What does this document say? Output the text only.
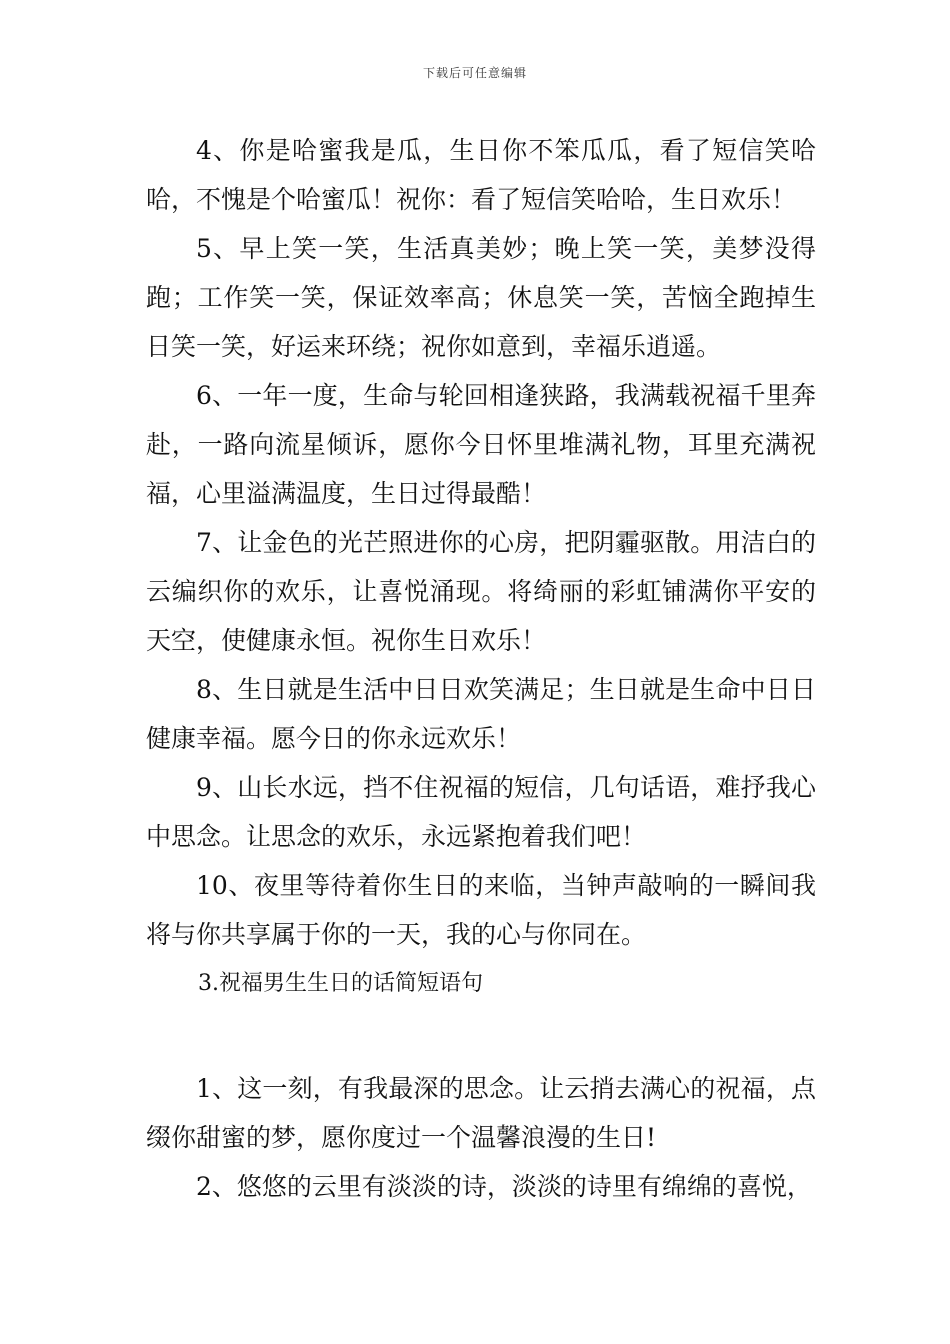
下载后可任意编辑

4、你是哈蜜我是瓜，生日你不笨瓜瓜，看了短信笑哈哈，不愧是个哈蜜瓜！祝你：看了短信笑哈哈，生日欢乐！

5、早上笑一笑，生活真美妙；晚上笑一笑，美梦没得跑；工作笑一笑，保证效率高；休息笑一笑，苦恼全跑掉生日笑一笑，好运来环绕；祝你如意到，幸福乐逍遥。

6、一年一度，生命与轮回相逢狭路，我满载祝福千里奔赴，一路向流星倾诉，愿你今日怀里堆满礼物，耳里充满祝福，心里溢满温度，生日过得最酷！

7、让金色的光芒照进你的心房，把阴霾驱散。用洁白的云编织你的欢乐，让喜悦涌现。将绮丽的彩虹铺满你平安的天空，使健康永恒。祝你生日欢乐！

8、生日就是生活中日日欢笑满足；生日就是生命中日日健康幸福。愿今日的你永远欢乐！

9、山长水远，挡不住祝福的短信，几句话语，难抒我心中思念。让思念的欢乐，永远紧抱着我们吧！

10、夜里等待着你生日的来临，当钟声敲响的一瞬间我将与你共享属于你的一天，我的心与你同在。

3.祝福男生生日的话简短语句

1、这一刻，有我最深的思念。让云捎去满心的祝福，点缀你甜蜜的梦，愿你度过一个温馨浪漫的生日!

2、悠悠的云里有淡淡的诗，淡淡的诗里有绵绵的喜悦，
